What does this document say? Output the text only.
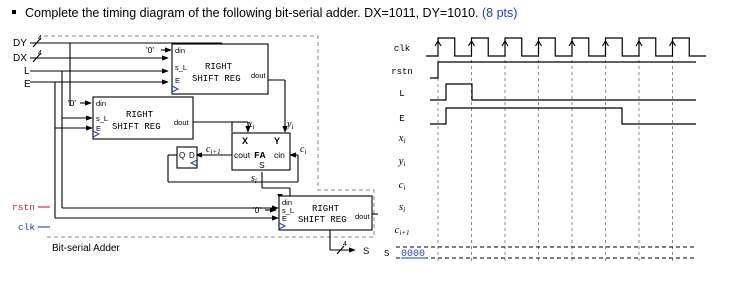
Complete the timing diagram of the following bit-serial adder. DX=1011, DY=1010. (8 pts)
DY
DX
L
E
rstn
clk
din
s_L
E
RIGHT
SHIFT REG dout
din
s_L
E
RIGHT
SHIFT REG dout
X	Y
cout FA cin
S
Q D
din
s_L
E
RIGHT
SHIFT REG dout
'0'
'0'
'0'
4
4
4
$x_i$	$y_i$
$c_{i+1}$	$c_i$
$s_i$
Bit-serial Adder	S
clk
rstn
L
E
xi
yi
ci
si
ci+1
S 0000
